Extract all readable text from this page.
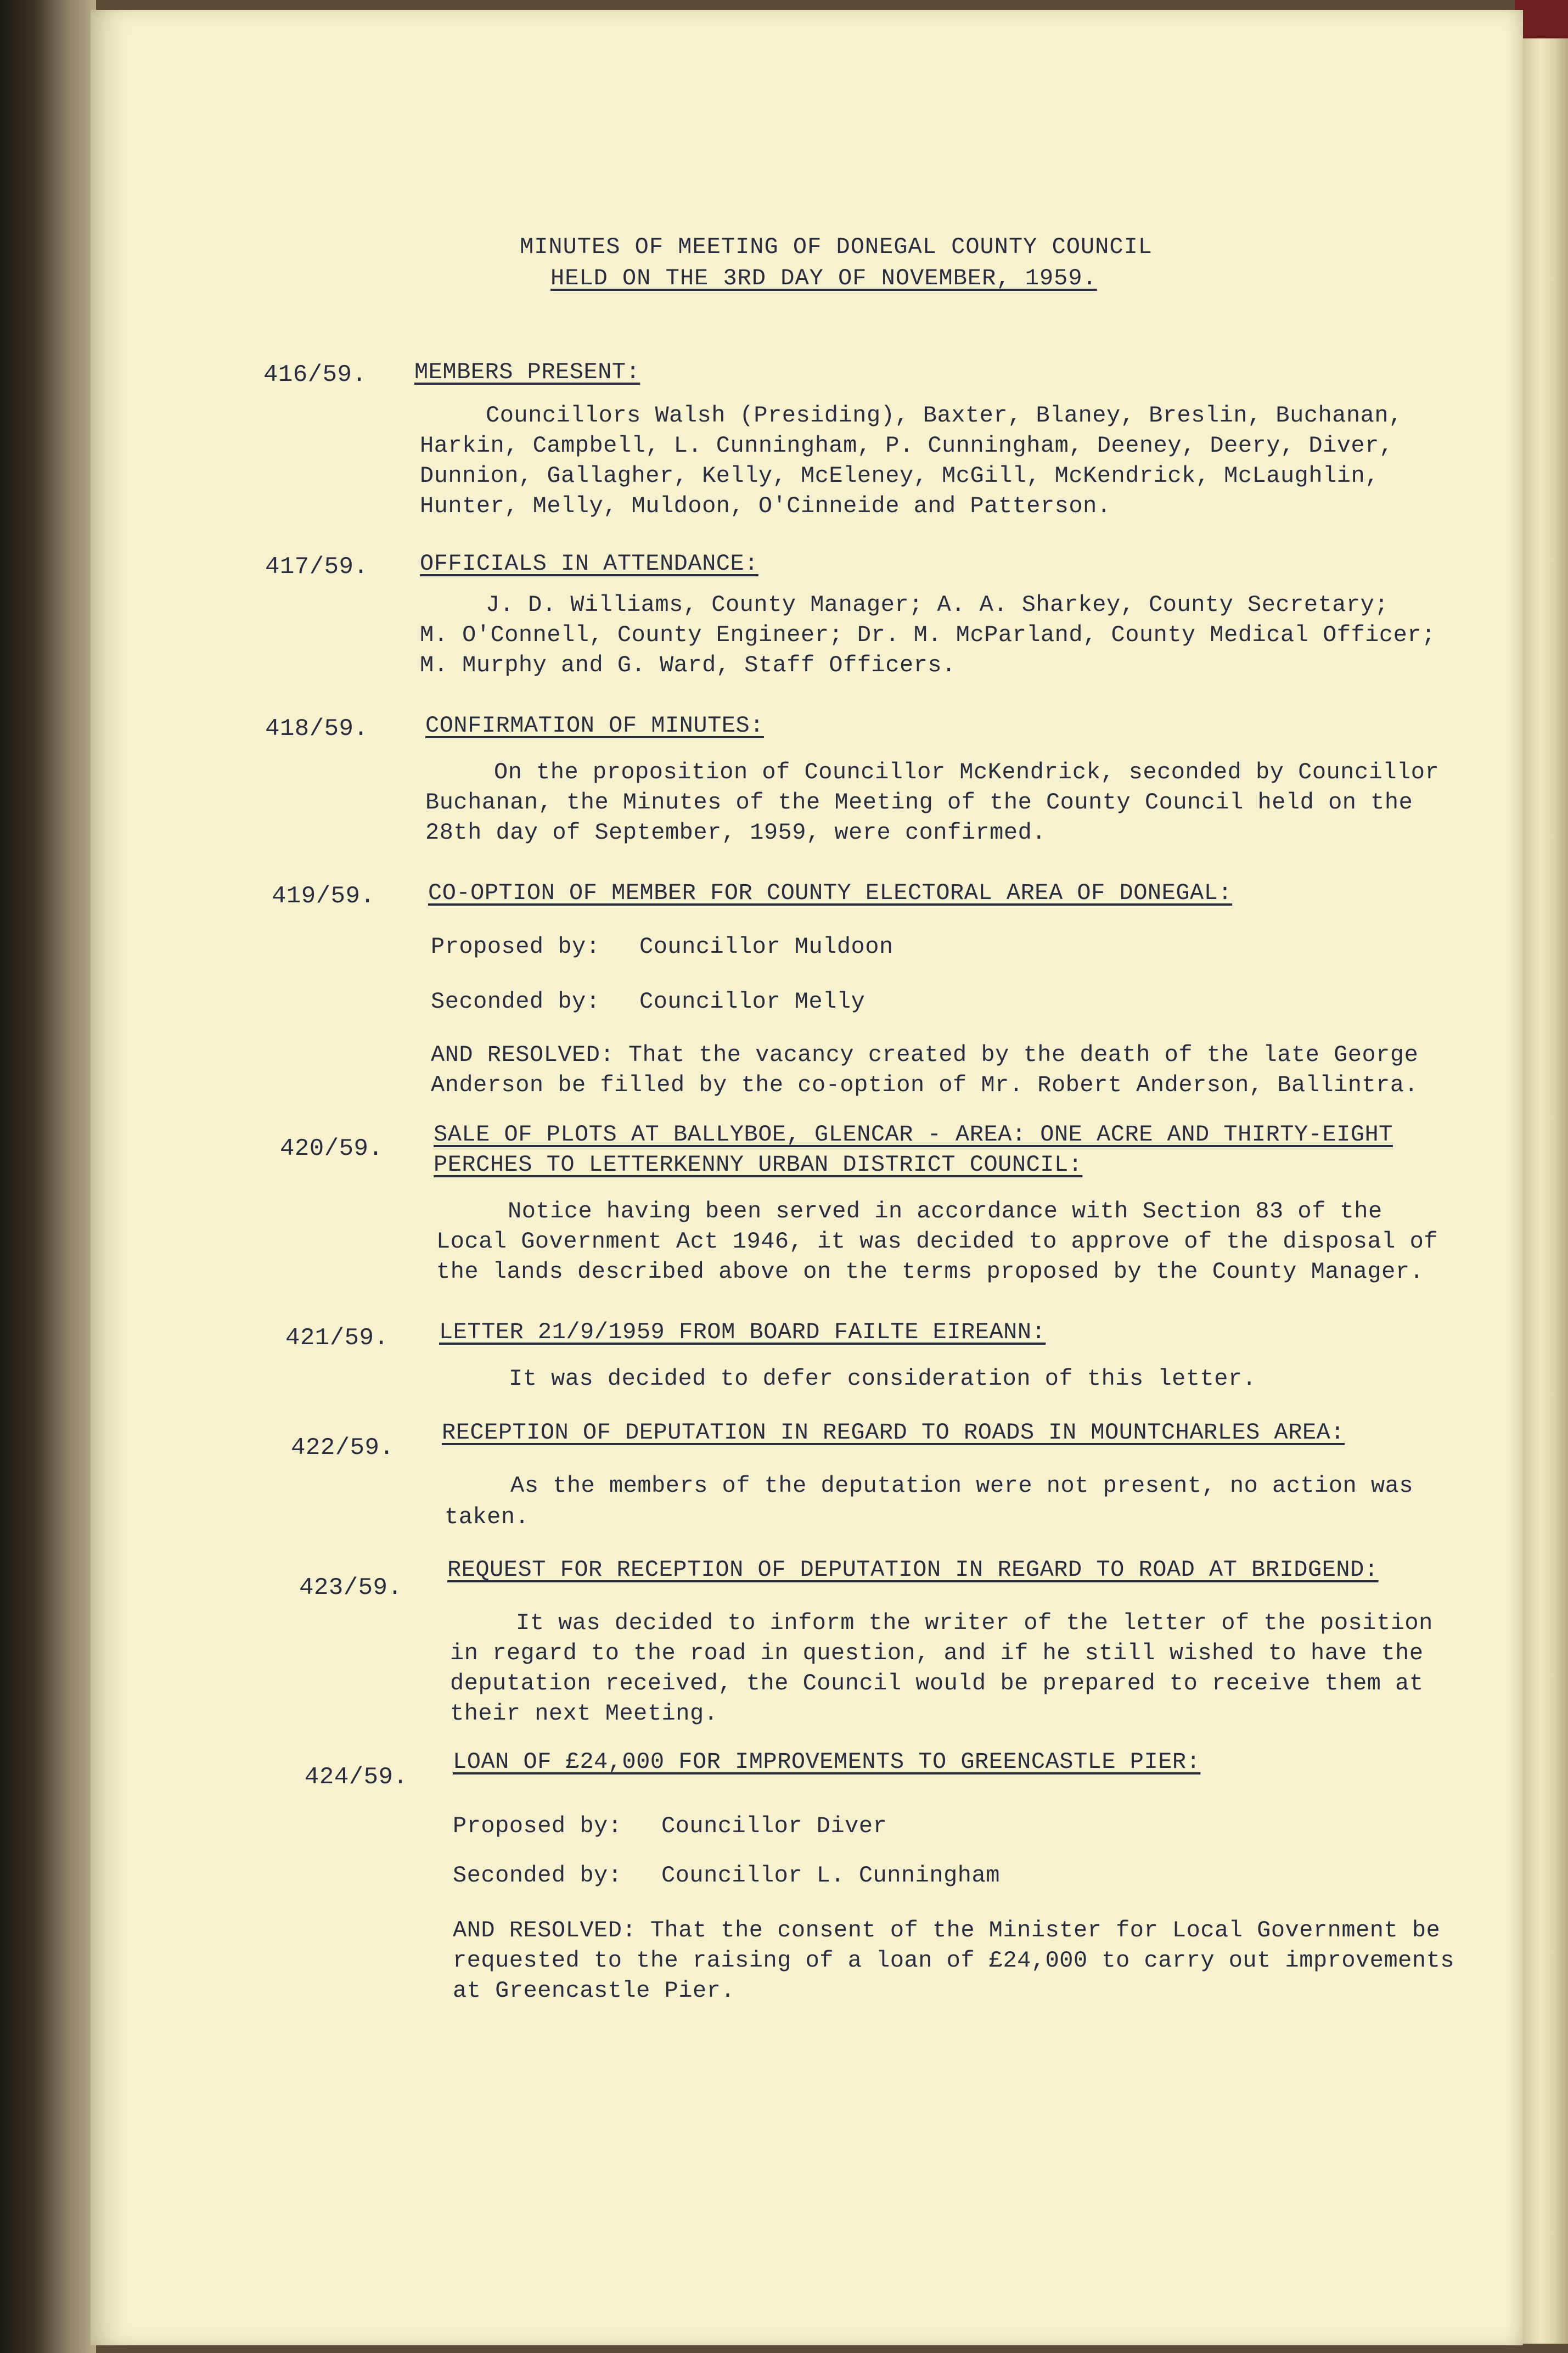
MINUTES OF MEETING OF DONEGAL COUNTY COUNCIL
HELD ON THE 3RD DAY OF NOVEMBER, 1959.
416/59. MEMBERS PRESENT:
Councillors Walsh (Presiding), Baxter, Blaney, Breslin, Buchanan,
Harkin, Campbell, L. Cunningham, P. Cunningham, Deeney, Deery, Diver,
Dunnion, Gallagher, Kelly, McEleney, McGill, McKendrick, McLaughlin,
Hunter, Melly, Muldoon, O'Cinneide and Patterson.
417/59. OFFICIALS IN ATTENDANCE:
J. D. Williams, County Manager; A. A. Sharkey, County Secretary;
M. O'Connell, County Engineer; Dr. M. McParland, County Medical Officer;
M. Murphy and G. Ward, Staff Officers.
418/59. CONFIRMATION OF MINUTES:
On the proposition of Councillor McKendrick, seconded by Councillor
Buchanan, the Minutes of the Meeting of the County Council held on the
28th day of September, 1959, were confirmed.
419/59. CO-OPTION OF MEMBER FOR COUNTY ELECTORAL AREA OF DONEGAL:
Proposed by: Councillor Muldoon
Seconded by: Councillor Melly
AND RESOLVED: That the vacancy created by the death of the late George
Anderson be filled by the co-option of Mr. Robert Anderson, Ballintra.
420/59.
SALE OF PLOTS AT BALLYBOE, GLENCAR - AREA: ONE ACRE AND THIRTY-EIGHT
PERCHES TO LETTERKENNY URBAN DISTRICT COUNCIL:
Notice having been served in accordance with Section 83 of the
Local Government Act 1946, it was decided to approve of the disposal of
the lands described above on the terms proposed by the County Manager.
421/59. LETTER 21/9/1959 FROM BOARD FAILTE EIREANN:
It was decided to defer consideration of this letter.
422/59.
RECEPTION OF DEPUTATION IN REGARD TO ROADS IN MOUNTCHARLES AREA:
As the members of the deputation were not present, no action was
taken.
423/59.
REQUEST FOR RECEPTION OF DEPUTATION IN REGARD TO ROAD AT BRIDGEND:
It was decided to inform the writer of the letter of the position
in regard to the road in question, and if he still wished to have the
deputation received, the Council would be prepared to receive them at
their next Meeting.
424/59.
LOAN OF £24,000 FOR IMPROVEMENTS TO GREENCASTLE PIER:
Proposed by: Councillor Diver
Seconded by: Councillor L. Cunningham
AND RESOLVED: That the consent of the Minister for Local Government be
requested to the raising of a loan of £24,000 to carry out improvements
at Greencastle Pier.
